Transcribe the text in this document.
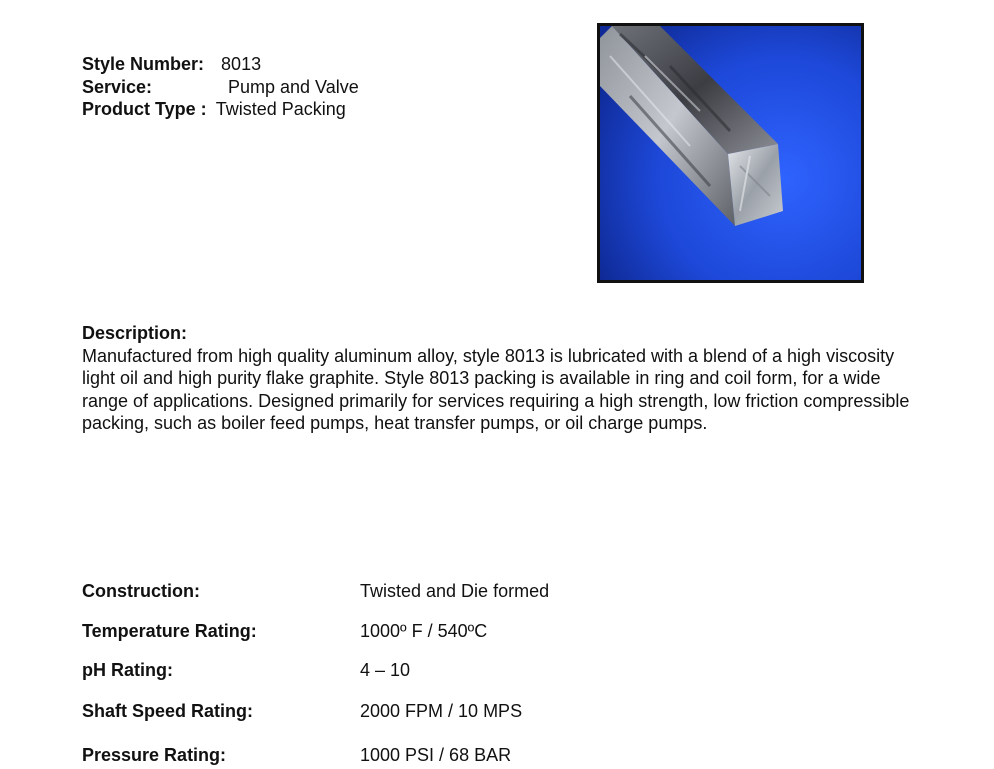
Style Number: 8013
Service:	Pump and Valve
Product Type : Twisted Packing
Description:

Manufactured from high quality aluminum alloy, style 8013 is lubricated with a blend of a high viscosity light oil and high purity flake graphite. Style 8013 packing is available in ring and coil form, for a wide range of applications. Designed primarily for services requiring a high strength, low friction compressible packing, such as boiler feed pumps, heat transfer pumps, or oil charge pumps.

Construction:	Twisted and Die formed
Temperature Rating:	1000º F / 540ºC
pH Rating:	4 – 10
Shaft Speed Rating:	2000 FPM / 10 MPS
Pressure Rating:	1000 PSI / 68 BAR
